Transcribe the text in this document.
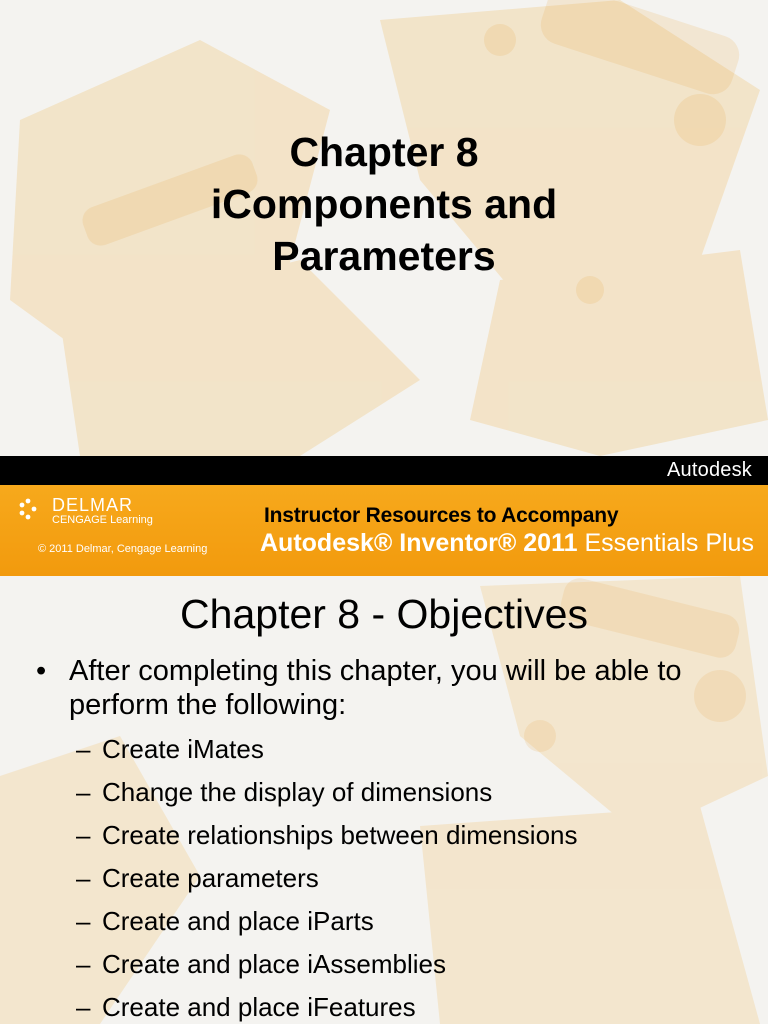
Chapter 8
iComponents and
Parameters
Autodesk
DELMAR
CENGAGE Learning
© 2011 Delmar, Cengage Learning
Instructor Resources to Accompany
Autodesk® Inventor® 2011 Essentials Plus
Chapter 8 - Objectives
• After completing this chapter, you will be able to perform the following:
– Create iMates
– Change the display of dimensions
– Create relationships between dimensions
– Create parameters
– Create and place iParts
– Create and place iAssemblies
– Create and place iFeatures
